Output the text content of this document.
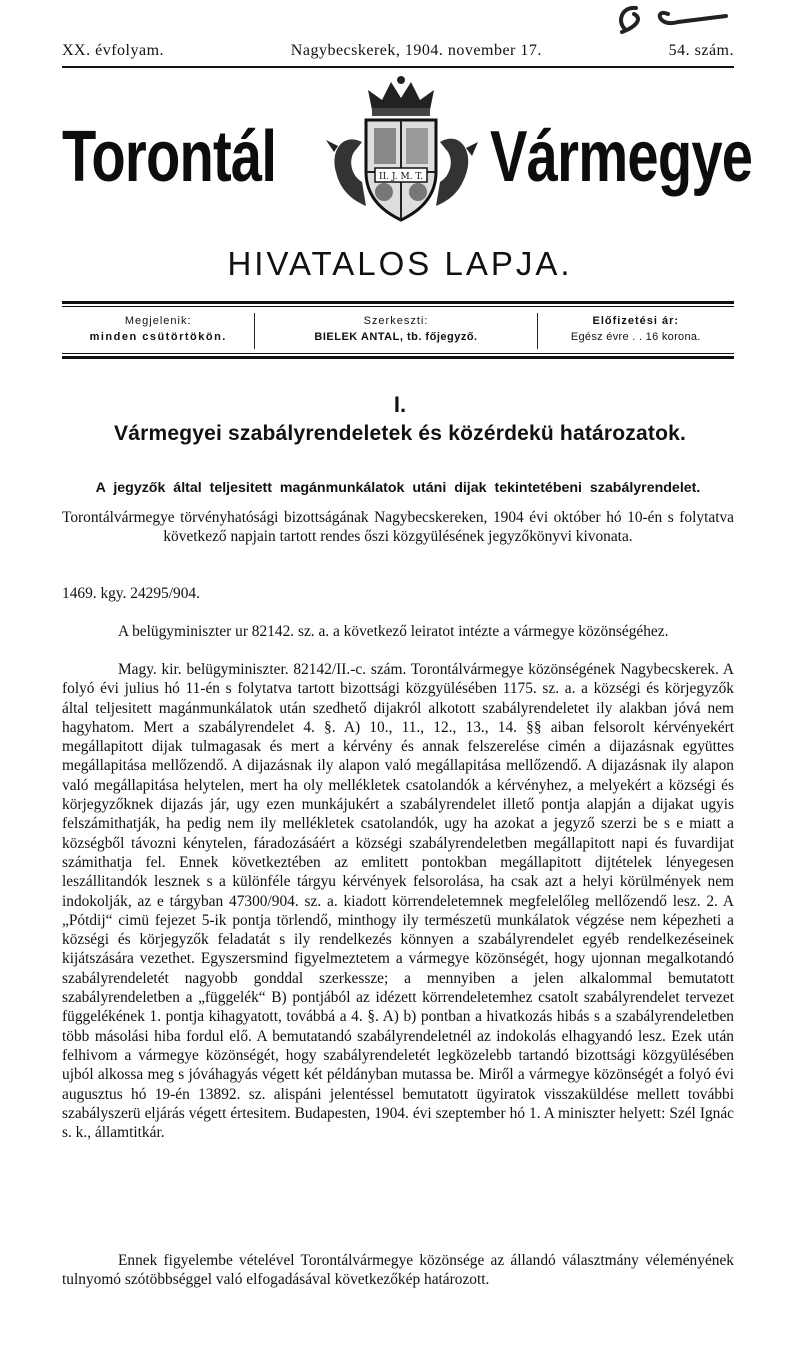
XX. évfolyam.	Nagybecskerek, 1904. november 17.	54. szám.
Torontál	II. J. M. T. Vármegye
HIVATALOS LAPJA.
Megjelenik:
minden csütörtökön.
Szerkeszti:
BIELEK ANTAL, tb. főjegyző.
Előfizetési ár:
Egész évre . . 16 korona.
I.
Vármegyei szabályrendeletek és közérdekü határozatok.
A jegyzők által teljesitett magánmunkálatok utáni dijak tekintetébeni szabályrendelet.
Torontálvármegye törvényhatósági bizottságának Nagybecskereken, 1904 évi október hó 10-én s folytatva következő napjain tartott rendes őszi közgyülésének jegyzőkönyvi kivonata.
1469. kgy. 24295/904.
A belügyminiszter ur 82142. sz. a. a következő leiratot intézte a vármegye közönségéhez.
Magy. kir. belügyminiszter. 82142/II.-c. szám. Torontálvármegye közönségének Nagybecskerek. A folyó évi julius hó 11-én s folytatva tartott bizottsági közgyülésében 1175. sz. a. a községi és körjegyzők által teljesitett magánmunkálatok után szedhető dijakról alkotott szabályrendeletet ily alakban jóvá nem hagyhatom. Mert a szabályrendelet 4. §. A) 10., 11., 12., 13., 14. §§ aiban felsorolt kérvényekért megállapitott dijak tulmagasak és mert a kérvény és annak felszerelése cimén a dijazásnak együttes megállapitása mellőzendő. A dijazásnak ily alapon való megállapitása mellőzendő. A dijazásnak ily alapon való megállapitása helytelen, mert ha oly mellékletek csatolandók a kérvényhez, a melyekért a községi és körjegyzőknek dijazás jár, ugy ezen munkájukért a szabályrendelet illető pontja alapján a dijakat ugyis felszámithatják, ha pedig nem ily mellékletek csatolandók, ugy ha azokat a jegyző szerzi be s e miatt a községből távozni kénytelen, fáradozásáért a községi szabályrendeletben megállapitott napi és fuvardijat számithatja fel. Ennek következtében az emlitett pontokban megállapitott dijtételek lényegesen leszállitandók lesznek s a különféle tárgyu kérvények felsorolása, ha csak azt a helyi körülmények nem indokolják, az e tárgyban 47300/904. sz. a. kiadott körrendeletemnek megfelelőleg mellőzendő lesz. 2. A „Pótdij“ cimü fejezet 5-ik pontja törlendő, minthogy ily természetü munkálatok végzése nem képezheti a községi és körjegyzők feladatát s ily rendelkezés könnyen a szabályrendelet egyéb rendelkezéseinek kijátszására vezethet. Egyszersmind figyelmeztetem a vármegye közönségét, hogy ujonnan megalkotandó szabályrendeletét nagyobb gonddal szerkessze; a mennyiben a jelen alkalommal bemutatott szabályrendeletben a „függelék“ B) pontjából az idézett körrendeletemhez csatolt szabályrendelet tervezet függelékének 1. pontja kihagyatott, továbbá a 4. §. A) b) pontban a hivatkozás hibás s a szabályrendeletben több másolási hiba fordul elő. A bemutatandó szabályrendeletnél az indokolás elhagyandó lesz. Ezek után felhivom a vármegye közönségét, hogy szabályrendeletét legközelebb tartandó bizottsági közgyülésében ujból alkossa meg s jóváhagyás végett két példányban mutassa be. Miről a vármegye közönségét a folyó évi augusztus hó 19-én 13892. sz. alispáni jelentéssel bemutatott ügyiratok visszaküldése mellett további szabályszerü eljárás végett értesitem. Budapesten, 1904. évi szeptember hó 1. A miniszter helyett: Szél Ignác s. k., államtitkár.
Ennek figyelembe vételével Torontálvármegye közönsége az állandó választmány véleményének tulnyomó szótöbbséggel való elfogadásával következőkép határozott.
